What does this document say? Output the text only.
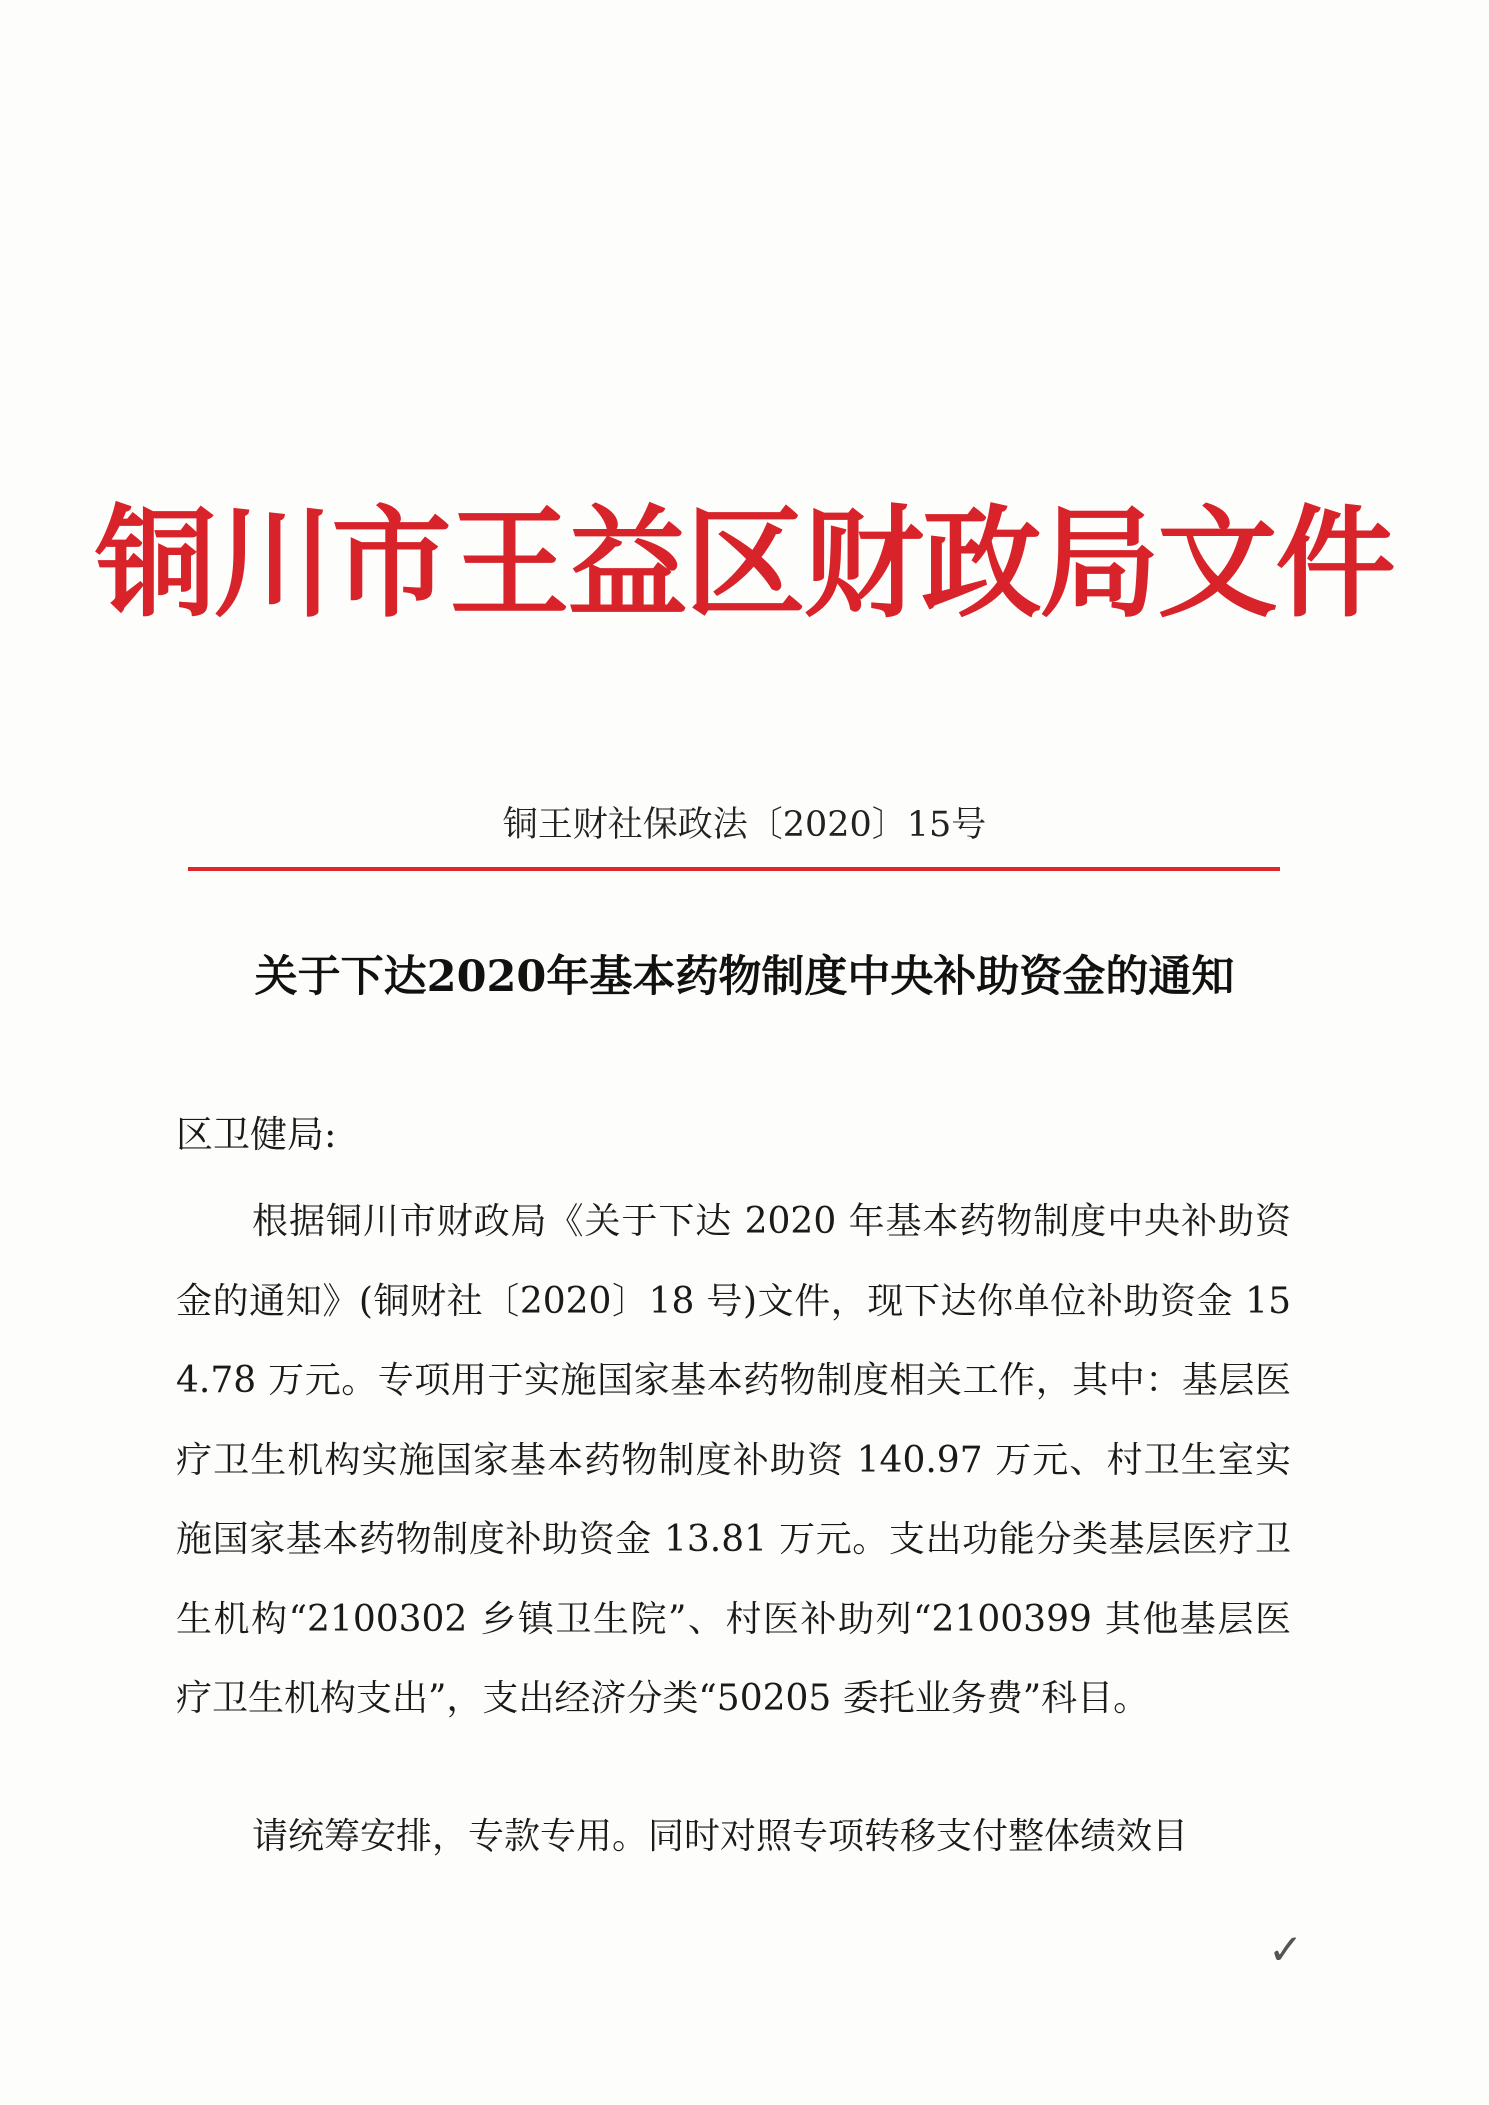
铜川市王益区财政局文件
铜王财社保政法〔2020〕15号
关于下达2020年基本药物制度中央补助资金的通知
区卫健局:

根据铜川市财政局《关于下达 2020 年基本药物制度中央补助资金的通知》(铜财社〔2020〕18 号)文件，现下达你单位补助资金 154.78 万元。专项用于实施国家基本药物制度相关工作，其中：基层医疗卫生机构实施国家基本药物制度补助资 140.97 万元、村卫生室实施国家基本药物制度补助资金 13.81 万元。支出功能分类基层医疗卫生机构“2100302 乡镇卫生院”、村医补助列“2100399 其他基层医疗卫生机构支出”，支出经济分类“50205 委托业务费”科目。

请统筹安排，专款专用。同时对照专项转移支付整体绩效目

✓
